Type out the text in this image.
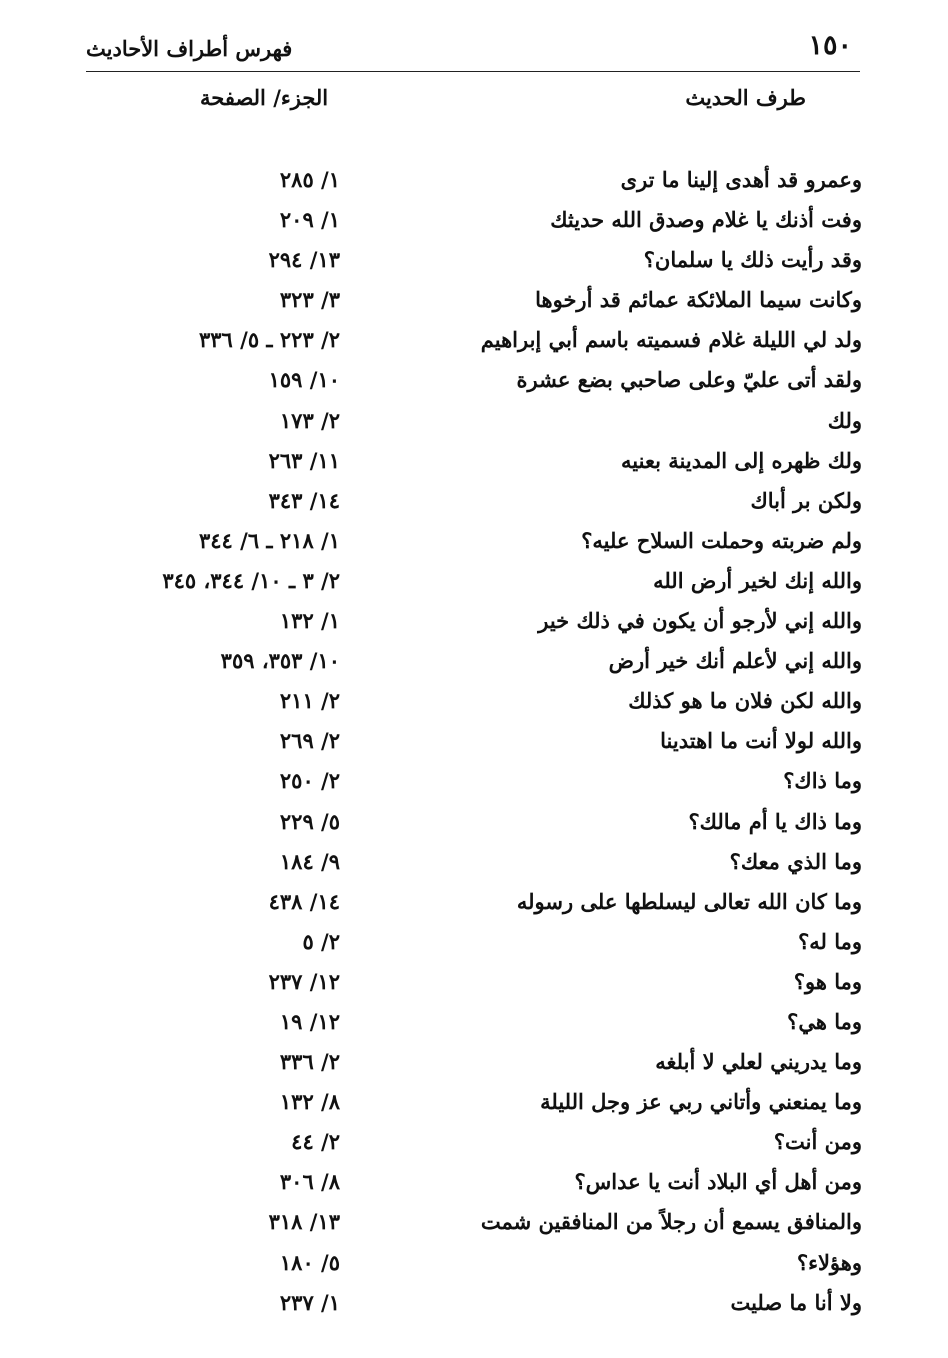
١٥٠
فهرس أطراف الأحاديث
طرف الحديث
الجزء/ الصفحة
وعمرو قد أهدى إلينا ما ترى
١/ ٢٨٥
وفت أذنك يا غلام وصدق الله حديثك
١/ ٢٠٩
وقد رأيت ذلك يا سلمان؟
١٣/ ٢٩٤
وكانت سيما الملائكة عمائم قد أرخوها
٣/ ٣٢٣
ولد لي الليلة غلام فسميته باسم أبي إبراهيم
٢/ ٢٢٣ ـ ٥/ ٣٣٦
ولقد أتى عليّ وعلى صاحبي بضع عشرة
١٠/ ١٥٩
ولك
٢/ ١٧٣
ولك ظهره إلى المدينة بعنيه
١١/ ٢٦٣
ولكن بر أباك
١٤/ ٣٤٣
ولم ضربته وحملت السلاح عليه؟
١/ ٢١٨ ـ ٦/ ٣٤٤
والله إنك لخير أرض الله
٢/ ٣ ـ ١٠/ ٣٤٤، ٣٤٥
والله إني لأرجو أن يكون في ذلك خير
١/ ١٣٢
والله إني لأعلم أنك خير أرض
١٠/ ٣٥٣، ٣٥٩
والله لكن فلان ما هو كذلك
٢/ ٢١١
والله لولا أنت ما اهتدينا
٢/ ٢٦٩
وما ذاك؟
٢/ ٢٥٠
وما ذاك يا أم مالك؟
٥/ ٢٢٩
وما الذي معك؟
٩/ ١٨٤
وما كان الله تعالى ليسلطها على رسوله
١٤/ ٤٣٨
وما له؟
٢/ ٥
وما هو؟
١٢/ ٢٣٧
وما هي؟
١٢/ ١٩
وما يدريني لعلي لا أبلغه
٢/ ٣٣٦
وما يمنعني وأتاني ربي عز وجل الليلة
٨/ ١٣٢
ومن أنت؟
٢/ ٤٤
ومن أهل أي البلاد أنت يا عداس؟
٨/ ٣٠٦
والمنافق يسمع أن رجلاً من المنافقين شمت
١٣/ ٣١٨
وهؤلاء؟
٥/ ١٨٠
ولا أنا ما صليت
١/ ٢٣٧
